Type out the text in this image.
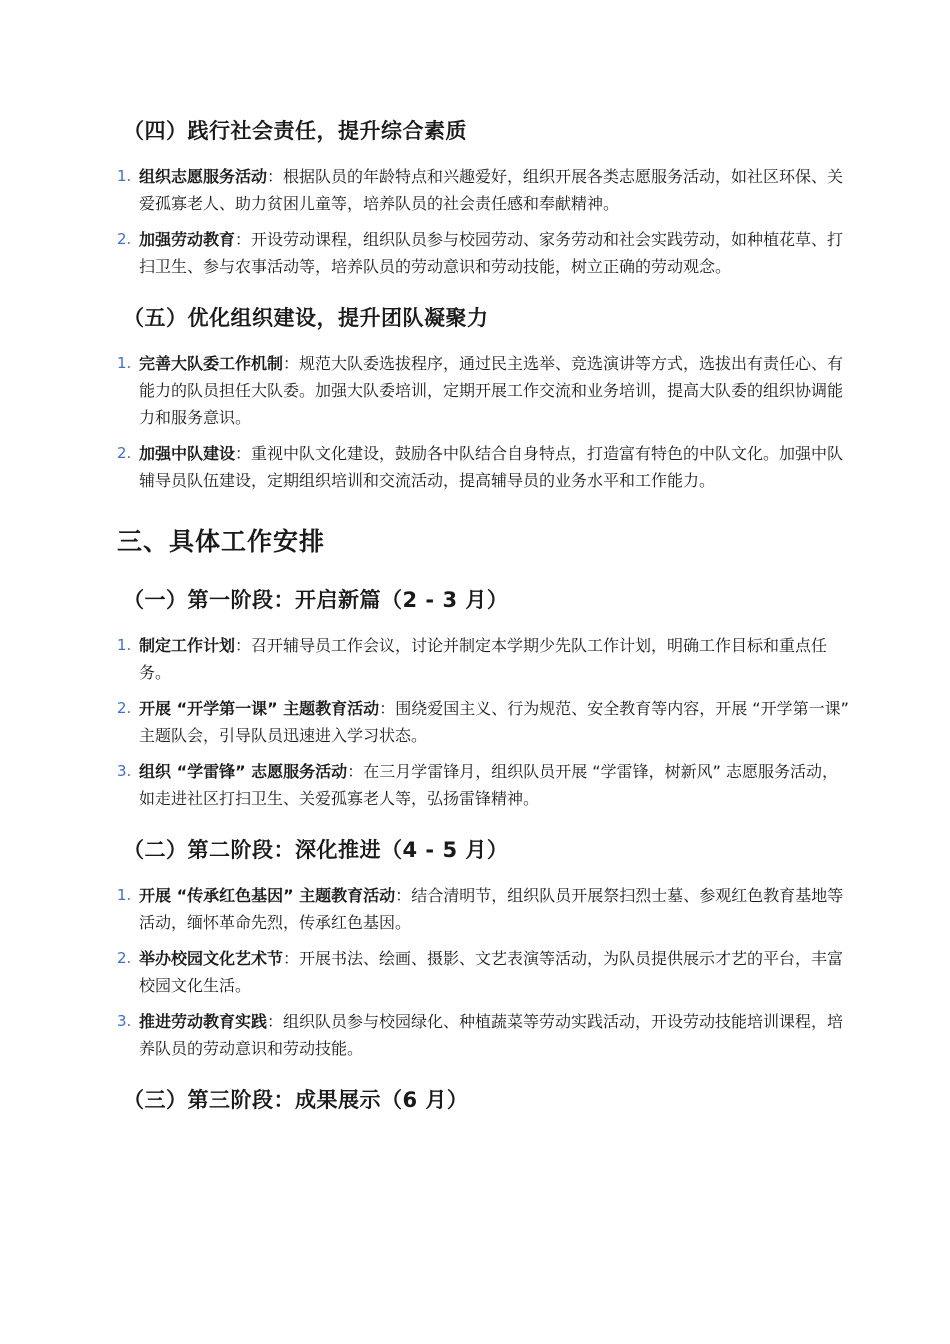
（四）践行社会责任，提升综合素质
1. 组织志愿服务活动：根据队员的年龄特点和兴趣爱好，组织开展各类志愿服务活动，如社区环保、关爱孤寡老人、助力贫困儿童等，培养队员的社会责任感和奉献精神。
2. 加强劳动教育：开设劳动课程，组织队员参与校园劳动、家务劳动和社会实践劳动，如种植花草、打扫卫生、参与农事活动等，培养队员的劳动意识和劳动技能，树立正确的劳动观念。
（五）优化组织建设，提升团队凝聚力
1. 完善大队委工作机制：规范大队委选拔程序，通过民主选举、竞选演讲等方式，选拔出有责任心、有能力的队员担任大队委。加强大队委培训，定期开展工作交流和业务培训，提高大队委的组织协调能力和服务意识。
2. 加强中队建设：重视中队文化建设，鼓励各中队结合自身特点，打造富有特色的中队文化。加强中队辅导员队伍建设，定期组织培训和交流活动，提高辅导员的业务水平和工作能力。
三、具体工作安排
（一）第一阶段：开启新篇（2 - 3 月）
1. 制定工作计划：召开辅导员工作会议，讨论并制定本学期少先队工作计划，明确工作目标和重点任务。
2. 开展 “开学第一课” 主题教育活动：围绕爱国主义、行为规范、安全教育等内容，开展 “开学第一课” 主题队会，引导队员迅速进入学习状态。
3. 组织 “学雷锋” 志愿服务活动：在三月学雷锋月，组织队员开展 “学雷锋，树新风” 志愿服务活动，如走进社区打扫卫生、关爱孤寡老人等，弘扬雷锋精神。
（二）第二阶段：深化推进（4 - 5 月）
1. 开展 “传承红色基因” 主题教育活动：结合清明节，组织队员开展祭扫烈士墓、参观红色教育基地等活动，缅怀革命先烈，传承红色基因。
2. 举办校园文化艺术节：开展书法、绘画、摄影、文艺表演等活动，为队员提供展示才艺的平台，丰富校园文化生活。
3. 推进劳动教育实践：组织队员参与校园绿化、种植蔬菜等劳动实践活动，开设劳动技能培训课程，培养队员的劳动意识和劳动技能。
（三）第三阶段：成果展示（6 月）
